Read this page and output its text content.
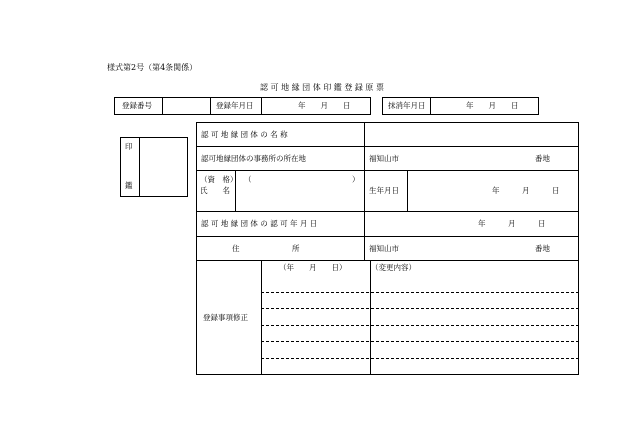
様式第2号（第4条関係）
認 可 地 縁 団 体 印 鑑 登 録 原 票
登録番号	登録年月日	年　　月　　日	抹消年月日	年　　月　　日
印
鑑
認 可 地 縁 団 体 の 名 称
認可地縁団体の事務所の所在地	福知山市	番地
（資　格）
氏　　名
（	）
生年月日	年　　　月　　　日
認 可 地 縁 団 体 の 認 可 年 月 日	年　　　月　　　日
住　　　　　　　所	福知山市	番地
登録事項修正
（年　　月　　日）	（変更内容）
